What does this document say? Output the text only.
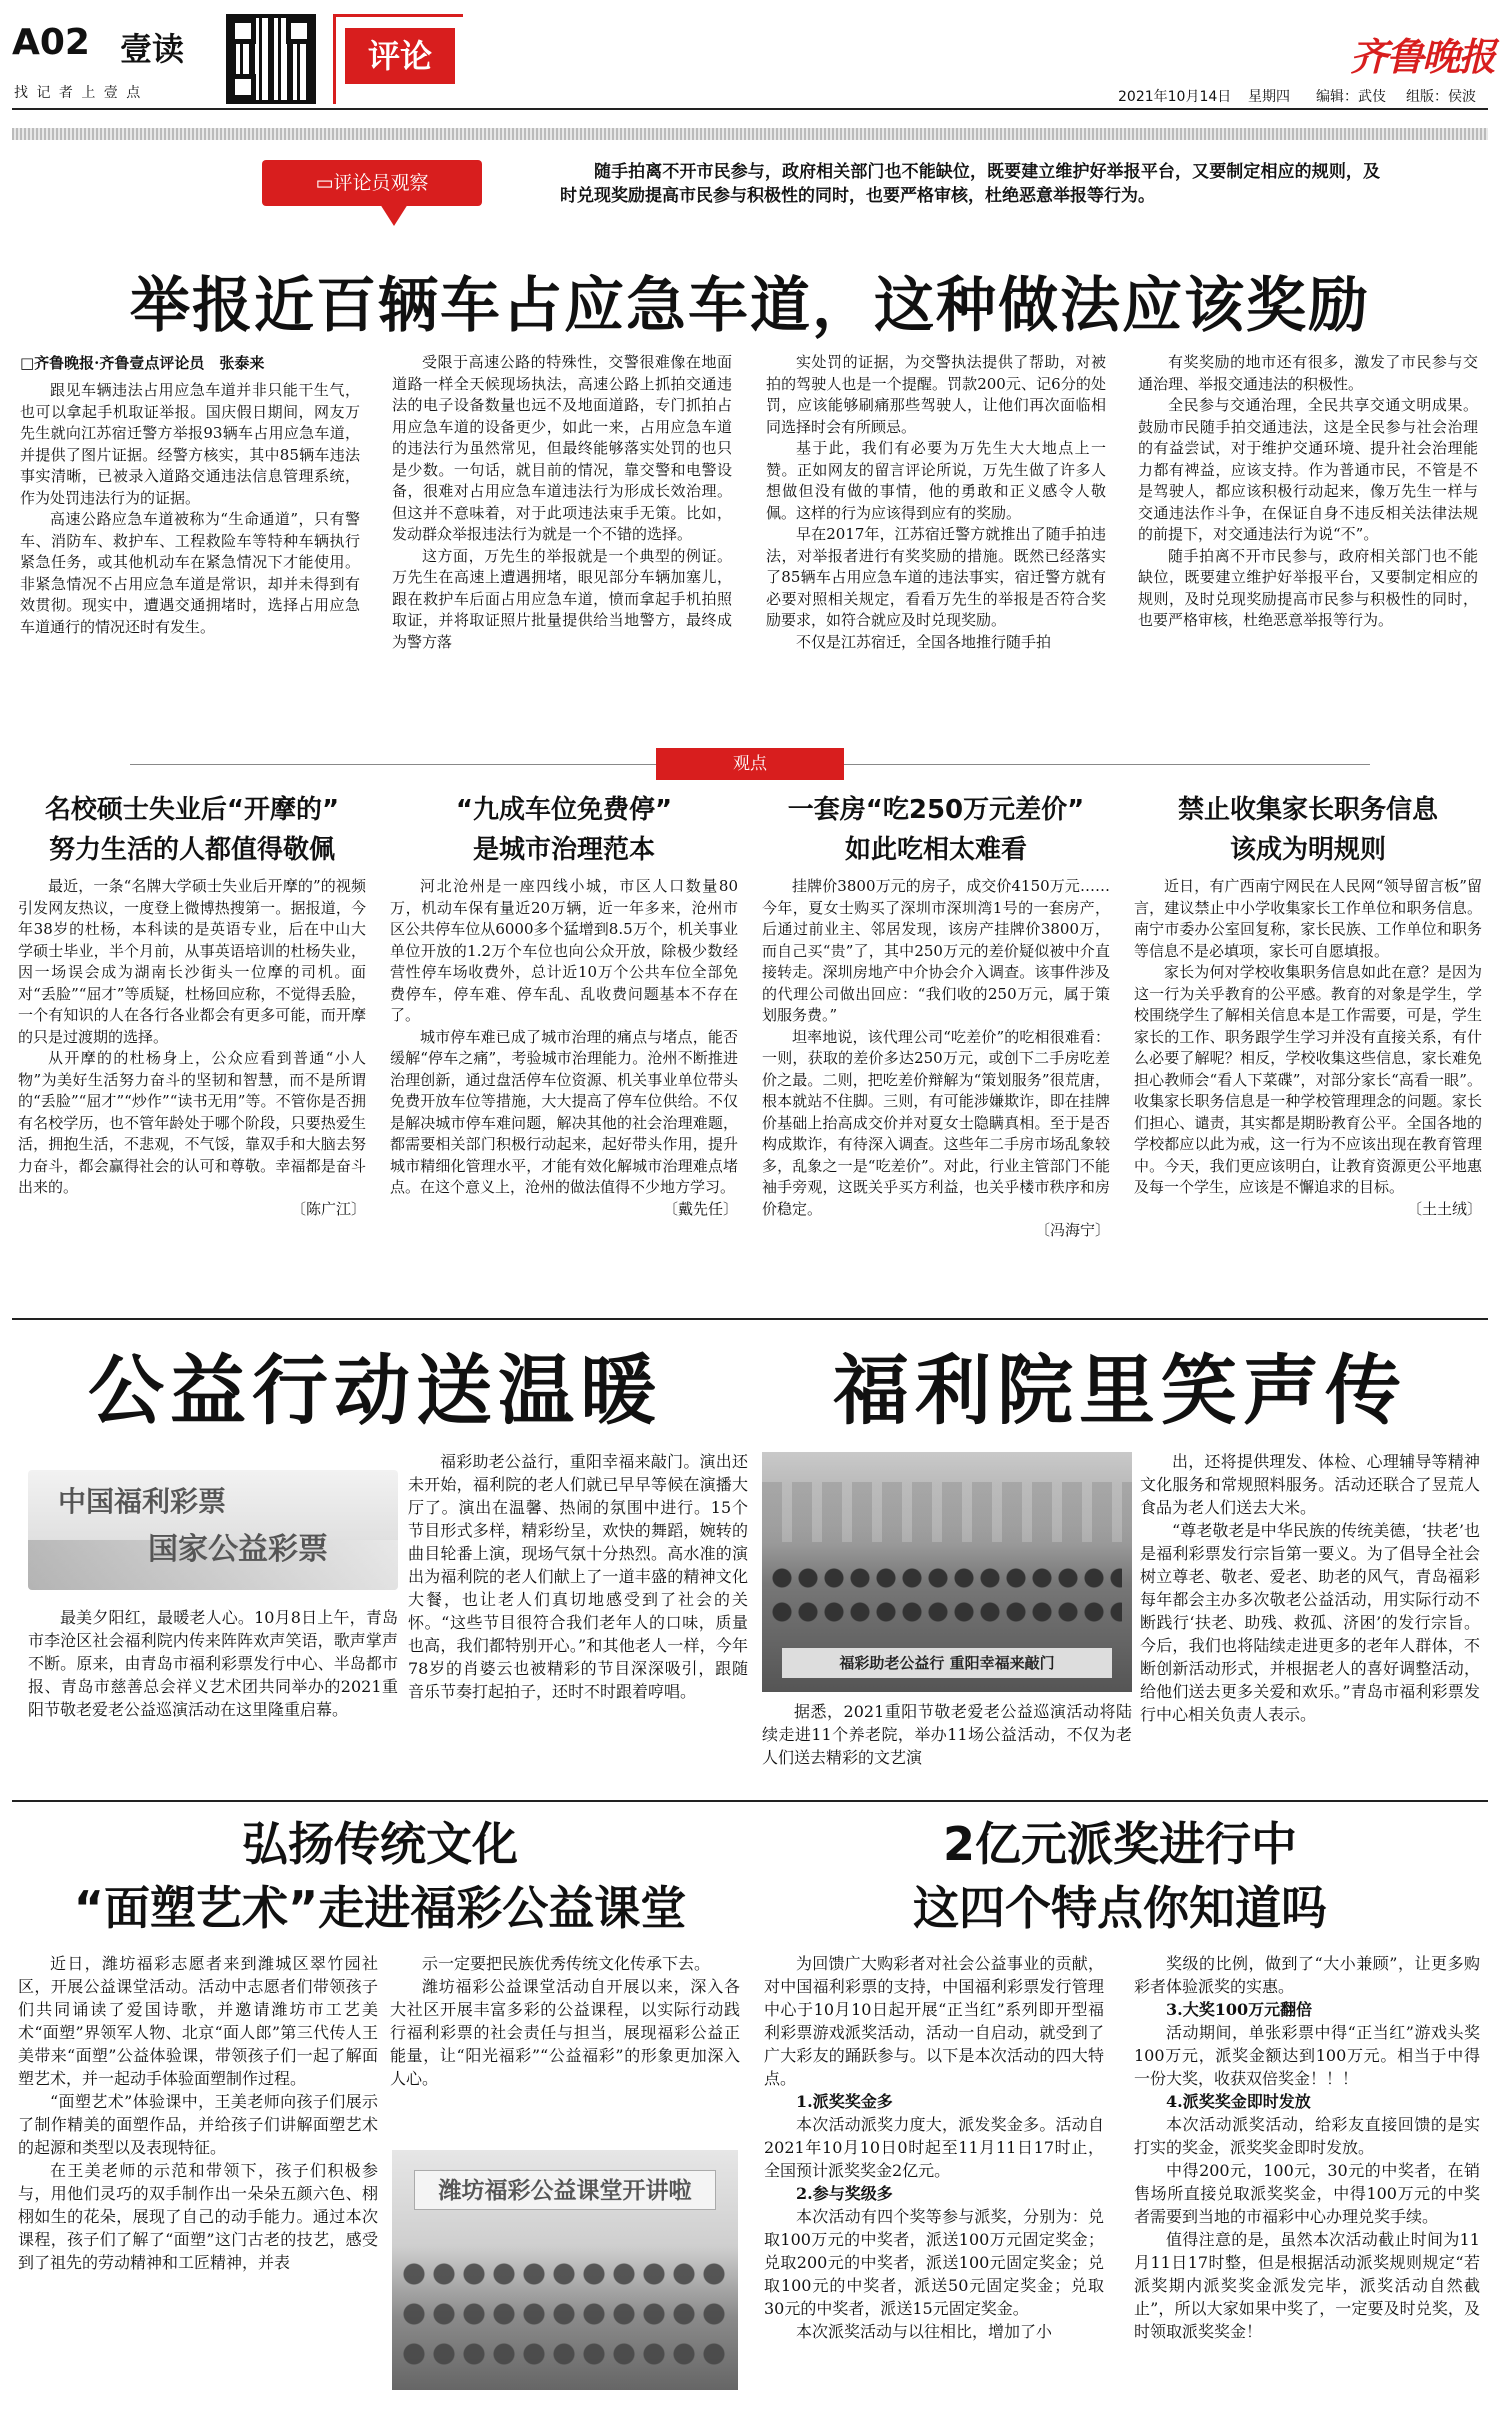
A02 壹读
找 记 者 上 壹 点
评论	齐鲁晚报
2021年10月14日 星期四 编辑：武伎 组版：侯波
▭评论员观察	随手拍离不开市民参与，政府相关部门也不能缺位，既要建立维护好举报平台，又要制定相应的规则，及时兑现奖励提高市民参与积极性的同时，也要严格审核，杜绝恶意举报等行为。

举报近百辆车占应急车道，这种做法应该奖励
□齐鲁晚报·齐鲁壹点评论员　张泰来

跟见车辆违法占用应急车道并非只能干生气，也可以拿起手机取证举报。国庆假日期间，网友万先生就向江苏宿迁警方举报93辆车占用应急车道，并提供了图片证据。经警方核实，其中85辆车违法事实清晰，已被录入道路交通违法信息管理系统，作为处罚违法行为的证据。

高速公路应急车道被称为“生命通道”，只有警车、消防车、救护车、工程救险车等特种车辆执行紧急任务，或其他机动车在紧急情况下才能使用。非紧急情况不占用应急车道是常识，却并未得到有效贯彻。现实中，遭遇交通拥堵时，选择占用应急车道通行的情况还时有发生。

受限于高速公路的特殊性，交警很难像在地面道路一样全天候现场执法，高速公路上抓拍交通违法的电子设备数量也远不及地面道路，专门抓拍占用应急车道的设备更少，如此一来，占用应急车道的违法行为虽然常见，但最终能够落实处罚的也只是少数。一句话，就目前的情况，靠交警和电警设备，很难对占用应急车道违法行为形成长效治理。但这并不意味着，对于此项违法束手无策。比如，发动群众举报违法行为就是一个不错的选择。

这方面，万先生的举报就是一个典型的例证。万先生在高速上遭遇拥堵，眼见部分车辆加塞儿，跟在救护车后面占用应急车道，愤而拿起手机拍照取证，并将取证照片批量提供给当地警方，最终成为警方落

实处罚的证据，为交警执法提供了帮助，对被拍的驾驶人也是一个提醒。罚款200元、记6分的处罚，应该能够刷痛那些驾驶人，让他们再次面临相同选择时会有所顾忌。

基于此，我们有必要为万先生大大地点上一赞。正如网友的留言评论所说，万先生做了许多人想做但没有做的事情，他的勇敢和正义感令人敬佩。这样的行为应该得到应有的奖励。

早在2017年，江苏宿迁警方就推出了随手拍违法，对举报者进行有奖奖励的措施。既然已经落实了85辆车占用应急车道的违法事实，宿迁警方就有必要对照相关规定，看看万先生的举报是否符合奖励要求，如符合就应及时兑现奖励。

不仅是江苏宿迁，全国各地推行随手拍

有奖奖励的地市还有很多，激发了市民参与交通治理、举报交通违法的积极性。

全民参与交通治理，全民共享交通文明成果。鼓励市民随手拍交通违法，这是全民参与社会治理的有益尝试，对于维护交通环境、提升社会治理能力都有裨益，应该支持。作为普通市民，不管是不是驾驶人，都应该积极行动起来，像万先生一样与交通违法作斗争，在保证自身不违反相关法律法规的前提下，对交通违法行为说“不”。

随手拍离不开市民参与，政府相关部门也不能缺位，既要建立维护好举报平台，又要制定相应的规则，及时兑现奖励提高市民参与积极性的同时，也要严格审核，杜绝恶意举报等行为。

观点
名校硕士失业后“开摩的”
努力生活的人都值得敬佩

最近，一条“名牌大学硕士失业后开摩的”的视频引发网友热议，一度登上微博热搜第一。据报道，今年38岁的杜杨，本科读的是英语专业，后在中山大学硕士毕业，半个月前，从事英语培训的杜杨失业，因一场误会成为湖南长沙街头一位摩的司机。面对“丢脸”“屈才”等质疑，杜杨回应称，不觉得丢脸，一个有知识的人在各行各业都会有更多可能，而开摩的只是过渡期的选择。

从开摩的的杜杨身上，公众应看到普通“小人物”为美好生活努力奋斗的坚韧和智慧，而不是所谓的“丢脸”“屈才”“炒作”“读书无用”等。不管你是否拥有名校学历，也不管年龄处于哪个阶段，只要热爱生活，拥抱生活，不悲观，不气馁，靠双手和大脑去努力奋斗，都会赢得社会的认可和尊敬。幸福都是奋斗出来的。

〔陈广江〕
“九成车位免费停”
是城市治理范本

河北沧州是一座四线小城，市区人口数量80万，机动车保有量近20万辆，近一年多来，沧州市区公共停车位从6000多个猛增到8.5万个，机关事业单位开放的1.2万个车位也向公众开放，除极少数经营性停车场收费外，总计近10万个公共车位全部免费停车，停车难、停车乱、乱收费问题基本不存在了。

城市停车难已成了城市治理的痛点与堵点，能否缓解“停车之痛”，考验城市治理能力。沧州不断推进治理创新，通过盘活停车位资源、机关事业单位带头免费开放车位等措施，大大提高了停车位供给。不仅是解决城市停车难问题，解决其他的社会治理难题，都需要相关部门积极行动起来，起好带头作用，提升城市精细化管理水平，才能有效化解城市治理难点堵点。在这个意义上，沧州的做法值得不少地方学习。

〔戴先任〕
一套房“吃250万元差价”
如此吃相太难看

挂牌价3800万元的房子，成交价4150万元……今年，夏女士购买了深圳市深圳湾1号的一套房产，后通过前业主、邻居发现，该房产挂牌价3800万，而自己买“贵”了，其中250万元的差价疑似被中介直接转走。深圳房地产中介协会介入调查。该事件涉及的代理公司做出回应：“我们收的250万元，属于策划服务费。”

坦率地说，该代理公司“吃差价”的吃相很难看：一则，获取的差价多达250万元，或创下二手房吃差价之最。二则，把吃差价辩解为“策划服务”很荒唐，根本就站不住脚。三则，有可能涉嫌欺诈，即在挂牌价基础上抬高成交价并对夏女士隐瞒真相。至于是否构成欺诈，有待深入调查。这些年二手房市场乱象较多，乱象之一是“吃差价”。对此，行业主管部门不能袖手旁观，这既关乎买方利益，也关乎楼市秩序和房价稳定。

〔冯海宁〕
禁止收集家长职务信息
该成为明规则

近日，有广西南宁网民在人民网“领导留言板”留言，建议禁止中小学收集家长工作单位和职务信息。南宁市委办公室回复称，家长民族、工作单位和职务等信息不是必填项，家长可自愿填报。

家长为何对学校收集职务信息如此在意？是因为这一行为关乎教育的公平感。教育的对象是学生，学校围绕学生了解相关信息本是工作需要，可是，学生家长的工作、职务跟学生学习并没有直接关系，有什么必要了解呢？相反，学校收集这些信息，家长难免担心教师会“看人下菜碟”，对部分家长“高看一眼”。收集家长职务信息是一种学校管理理念的问题。家长们担心、谴责，其实都是期盼教育公平。全国各地的学校都应以此为戒，这一行为不应该出现在教育管理中。今天，我们更应该明白，让教育资源更公平地惠及每一个学生，应该是不懈追求的目标。

〔土土绒〕
公益行动送温暖	福利院里笑声传
中国福利彩票
国家公益彩票

最美夕阳红，最暖老人心。10月8日上午，青岛市李沧区社会福利院内传来阵阵欢声笑语，歌声掌声不断。原来，由青岛市福利彩票发行中心、半岛都市报、青岛市慈善总会祥义艺术团共同举办的2021重阳节敬老爱老公益巡演活动在这里隆重启幕。

福彩助老公益行，重阳幸福来敲门。演出还未开始，福利院的老人们就已早早等候在演播大厅了。演出在温馨、热闹的氛围中进行。15个节目形式多样，精彩纷呈，欢快的舞蹈，婉转的曲目轮番上演，现场气氛十分热烈。高水准的演出为福利院的老人们献上了一道丰盛的精神文化大餐，也让老人们真切地感受到了社会的关怀。“这些节目很符合我们老年人的口味，质量也高，我们都特别开心。”和其他老人一样，今年78岁的肖婆云也被精彩的节目深深吸引，跟随音乐节奏打起拍子，还时不时跟着哼唱。

福彩助老公益行 重阳幸福来敲门

据悉，2021重阳节敬老爱老公益巡演活动将陆续走进11个养老院，举办11场公益活动，不仅为老人们送去精彩的文艺演

出，还将提供理发、体检、心理辅导等精神文化服务和常规照料服务。活动还联合了昱荒人食品为老人们送去大米。

“尊老敬老是中华民族的传统美德，‘扶老’也是福利彩票发行宗旨第一要义。为了倡导全社会树立尊老、敬老、爱老、助老的风气，青岛福彩每年都会主办多次敬老公益活动，用实际行动不断践行‘扶老、助残、救孤、济困’的发行宗旨。今后，我们也将陆续走进更多的老年人群体，不断创新活动形式，并根据老人的喜好调整活动，给他们送去更多关爱和欢乐。”青岛市福利彩票发行中心相关负责人表示。

弘扬传统文化
“面塑艺术”走进福彩公益课堂

近日，潍坊福彩志愿者来到潍城区翠竹园社区，开展公益课堂活动。活动中志愿者们带领孩子们共同诵读了爱国诗歌，并邀请潍坊市工艺美术“面塑”界领军人物、北京“面人郎”第三代传人王美带来“面塑”公益体验课，带领孩子们一起了解面塑艺术，并一起动手体验面塑制作过程。

“面塑艺术”体验课中，王美老师向孩子们展示了制作精美的面塑作品，并给孩子们讲解面塑艺术的起源和类型以及表现特征。

在王美老师的示范和带领下，孩子们积极参与，用他们灵巧的双手制作出一朵朵五颜六色、栩栩如生的花朵，展现了自己的动手能力。通过本次课程，孩子们了解了“面塑”这门古老的技艺，感受到了祖先的劳动精神和工匠精神，并表

示一定要把民族优秀传统文化传承下去。

潍坊福彩公益课堂活动自开展以来，深入各大社区开展丰富多彩的公益课程，以实际行动践行福利彩票的社会责任与担当，展现福彩公益正能量，让“阳光福彩”“公益福彩”的形象更加深入人心。

潍坊福彩公益课堂开讲啦
2亿元派奖进行中
这四个特点你知道吗

为回馈广大购彩者对社会公益事业的贡献，对中国福利彩票的支持，中国福利彩票发行管理中心于10月10日起开展“正当红”系列即开型福利彩票游戏派奖活动，活动一自启动，就受到了广大彩友的踊跃参与。以下是本次活动的四大特点。

1.派奖奖金多

本次活动派奖力度大，派发奖金多。活动自2021年10月10日0时起至11月11日17时止，全国预计派奖奖金2亿元。

2.参与奖级多

本次活动有四个奖等参与派奖，分别为：兑取100万元的中奖者，派送100万元固定奖金；兑取200元的中奖者，派送100元固定奖金；兑取100元的中奖者，派送50元固定奖金；兑取30元的中奖者，派送15元固定奖金。

本次派奖活动与以往相比，增加了小

奖级的比例，做到了“大小兼顾”，让更多购彩者体验派奖的实惠。

3.大奖100万元翻倍

活动期间，单张彩票中得“正当红”游戏头奖100万元，派奖金额达到100万元。相当于中得一份大奖，收获双倍奖金！！！

4.派奖奖金即时发放

本次活动派奖活动，给彩友直接回馈的是实打实的奖金，派奖奖金即时发放。

中得200元，100元，30元的中奖者，在销售场所直接兑取派奖奖金，中得100万元的中奖者需要到当地的市福彩中心办理兑奖手续。

值得注意的是，虽然本次活动截止时间为11月11日17时整，但是根据活动派奖规则规定“若派奖期内派奖奖金派发完毕，派奖活动自然截止”，所以大家如果中奖了，一定要及时兑奖，及时领取派奖奖金！
